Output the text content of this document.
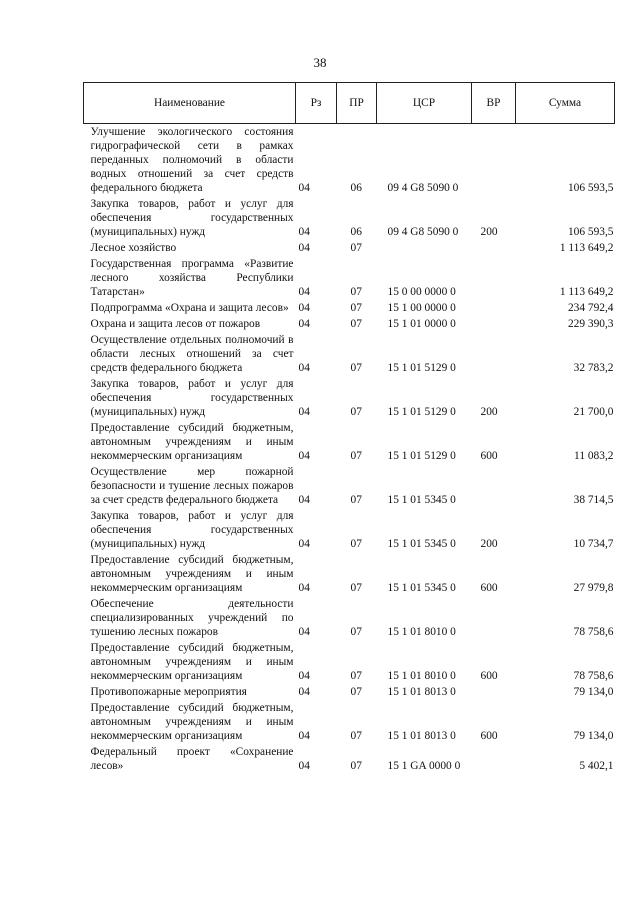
38
Наименование	Рз	ПР	ЦСР	ВР	Сумма
Улучшение экологического состояния гидрографической сети в рамках переданных полномочий в области водных отношений за счет средств федерального бюджета	04	06	09 4 G8 5090 0		106 593,5
Закупка товаров, работ и услуг для обеспечения государственных (муниципальных) нужд	04	06	09 4 G8 5090 0	200	106 593,5
Лесное хозяйство	04	07			1 113 649,2
Государственная программа «Развитие лесного хозяйства Республики Татарстан»	04	07	15 0 00 0000 0		1 113 649,2
Подпрограмма «Охрана и защита лесов»	04	07	15 1 00 0000 0		234 792,4
Охрана и защита лесов от пожаров	04	07	15 1 01 0000 0		229 390,3
Осуществление отдельных полномочий в области лесных отношений за счет средств федерального бюджета	04	07	15 1 01 5129 0		32 783,2
Закупка товаров, работ и услуг для обеспечения государственных (муниципальных) нужд	04	07	15 1 01 5129 0	200	21 700,0
Предоставление субсидий бюджетным, автономным учреждениям и иным некоммерческим организациям	04	07	15 1 01 5129 0	600	11 083,2
Осуществление мер пожарной безопасности и тушение лесных пожаров за счет средств федерального бюджета	04	07	15 1 01 5345 0		38 714,5
Закупка товаров, работ и услуг для обеспечения государственных (муниципальных) нужд	04	07	15 1 01 5345 0	200	10 734,7
Предоставление субсидий бюджетным, автономным учреждениям и иным некоммерческим организациям	04	07	15 1 01 5345 0	600	27 979,8
Обеспечение деятельности специализированных учреждений по тушению лесных пожаров	04	07	15 1 01 8010 0		78 758,6
Предоставление субсидий бюджетным, автономным учреждениям и иным некоммерческим организациям	04	07	15 1 01 8010 0	600	78 758,6
Противопожарные мероприятия	04	07	15 1 01 8013 0		79 134,0
Предоставление субсидий бюджетным, автономным учреждениям и иным некоммерческим организациям	04	07	15 1 01 8013 0	600	79 134,0
Федеральный проект «Сохранение лесов»	04	07	15 1 GA 0000 0		5 402,1
